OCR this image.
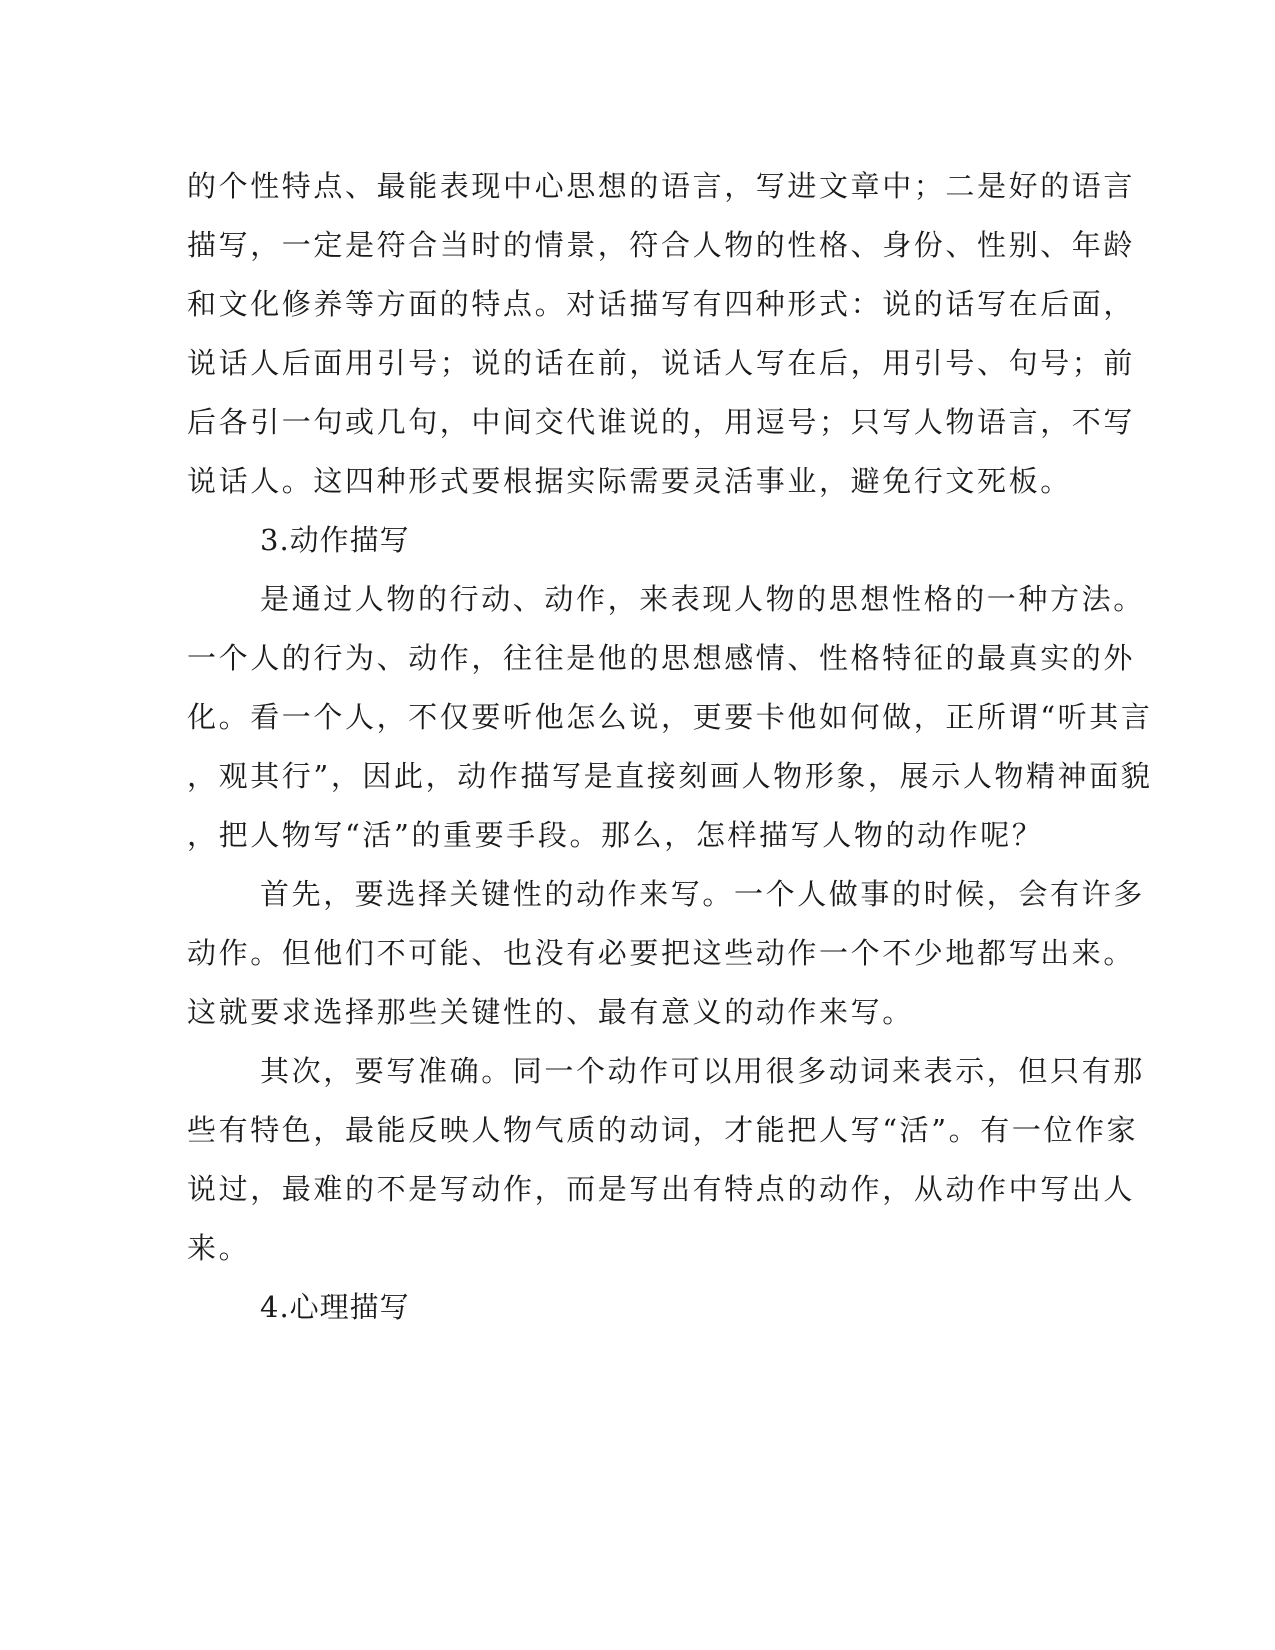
的个性特点、最能表现中心思想的语言，写进文章中；二是好的语言
描写，一定是符合当时的情景，符合人物的性格、身份、性别、年龄
和文化修养等方面的特点。对话描写有四种形式：说的话写在后面，
说话人后面用引号；说的话在前，说话人写在后，用引号、句号；前
后各引一句或几句，中间交代谁说的，用逗号；只写人物语言，不写
说话人。这四种形式要根据实际需要灵活事业，避免行文死板。
3.动作描写
是通过人物的行动、动作，来表现人物的思想性格的一种方法。
一个人的行为、动作，往往是他的思想感情、性格特征的最真实的外
化。看一个人，不仅要听他怎么说，更要卡他如何做，正所谓“听其言
，观其行”，因此，动作描写是直接刻画人物形象，展示人物精神面貌
，把人物写“活”的重要手段。那么，怎样描写人物的动作呢？
首先，要选择关键性的动作来写。一个人做事的时候，会有许多
动作。但他们不可能、也没有必要把这些动作一个不少地都写出来。
这就要求选择那些关键性的、最有意义的动作来写。
其次，要写准确。同一个动作可以用很多动词来表示，但只有那
些有特色，最能反映人物气质的动词，才能把人写“活”。有一位作家
说过，最难的不是写动作，而是写出有特点的动作，从动作中写出人
来。
4.心理描写
